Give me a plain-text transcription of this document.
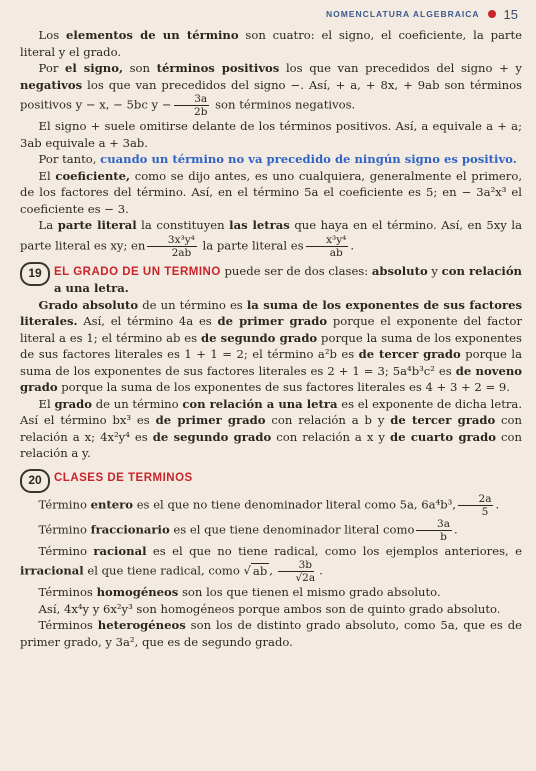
NOMENCLATURA ALGEBRAICA 15

Los elementos de un término son cuatro: el signo, el coeficiente, la parte literal y el grado.

Por el signo, son términos positivos los que van precedidos del signo + y negativos los que van precedidos del signo −. Así, + a, + 8x, + 9ab son términos positivos y − x, − 5bc $y - \frac{3a}{2b}$ son términos negativos.

El signo + suele omitirse delante de los términos positivos. Así, a equivale a + a; 3ab equivale a + 3ab.

Por tanto, cuando un término no va precedido de ningún signo es positivo.

El coeficiente, como se dijo antes, es uno cualquiera, generalmente el primero, de los factores del término. Así, en el término 5a el coeficiente es 5; en − 3a²x³ el coeficiente es − 3.

La parte literal la constituyen las letras que haya en el término. Así, en 5xy la parte literal es xy; en $\frac{\text{3x³y⁴}}{2ab}$ la parte literal es $\frac{\text{x³y⁴}}{ab}$ .

19	EL GRADO DE UN TERMINO puede ser de dos clases: absoluto y con relación a una letra.

Grado absoluto de un término es la suma de los exponentes de sus factores literales. Así, el término 4a es de primer grado porque el exponente del factor literal a es 1; el término ab es de segundo grado porque la suma de los exponentes de sus factores literales es 1 + 1 = 2; el término a²b es de tercer grado porque la suma de los exponentes de sus factores literales es 2 + 1 = 3; 5a⁴b³c² es de noveno grado porque la suma de los exponentes de sus factores literales es 4 + 3 + 2 = 9.

El grado de un término con relación a una letra es el exponente de dicha letra. Así el término bx³ es de primer grado con relación a b y de tercer grado con relación a x; 4x²y⁴ es de segundo grado con relación a x y de cuarto grado con relación a y.

20	CLASES DE TERMINOS

Término entero es el que no tiene denominador literal como 5a, 6a⁴b³, $\frac{2a}{5}$ .

Término fraccionario es el que tiene denominador literal como $\frac{3a}{b}$ .

Término racional es el que no tiene radical, como los ejemplos anteriores, e irracional el que tiene radical, como √ ab , $\frac{3b}{√2a}$ .

Términos homogéneos son los que tienen el mismo grado absoluto.

Así, 4x⁴y y 6x²y³ son homogéneos porque ambos son de quinto grado absoluto.

Términos heterogéneos son los de distinto grado absoluto, como 5a, que es de primer grado, y 3a², que es de segundo grado.
